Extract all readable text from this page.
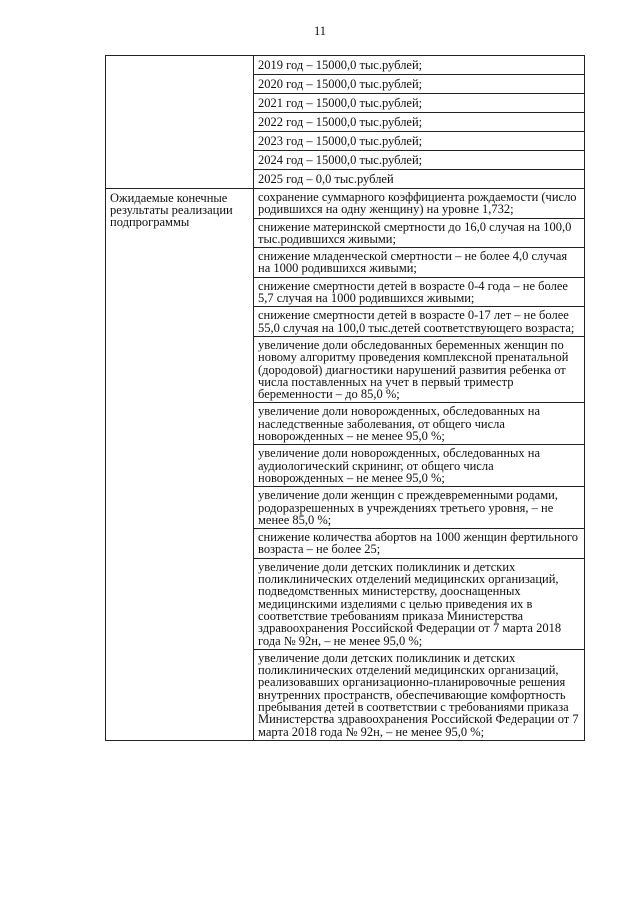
11
2019 год – 15000,0 тыс.рублей;
2020 год – 15000,0 тыс.рублей;
2021 год – 15000,0 тыс.рублей;
2022 год – 15000,0 тыс.рублей;
2023 год – 15000,0 тыс.рублей;
2024 год – 15000,0 тыс.рублей;
2025 год – 0,0 тыс.рублей
Ожидаемые конечные результаты реализации подпрограммы
сохранение суммарного коэффициента рождаемости (число родившихся на одну женщину) на уровне 1,732;
снижение материнской смертности до 16,0 случая на 100,0 тыс.родившихся живыми;
снижение младенческой смертности – не более 4,0 случая на 1000 родившихся живыми;
снижение смертности детей в возрасте 0-4 года – не более 5,7 случая на 1000 родившихся живыми;
снижение смертности детей в возрасте 0-17 лет – не более 55,0 случая на 100,0 тыс.детей соответствующего возраста;
увеличение доли обследованных беременных женщин по новому алгоритму проведения комплексной пренатальной (дородовой) диагностики нарушений развития ребенка от числа поставленных на учет в первый триместр беременности – до 85,0 %;
увеличение доли новорожденных, обследованных на наследственные заболевания, от общего числа новорожденных – не менее 95,0 %;
увеличение доли новорожденных, обследованных на аудиологический скрининг, от общего числа новорожденных – не менее 95,0 %;
увеличение доли женщин с преждевременными родами, родоразрешенных в учреждениях третьего уровня, – не менее 85,0 %;
снижение количества абортов на 1000 женщин фертильного возраста – не более 25;
увеличение доли детских поликлиник и детских поликлинических отделений медицинских организаций, подведомственных министерству, дооснащенных медицинскими изделиями с целью приведения их в соответствие требованиям приказа Министерства здравоохранения Российской Федерации от 7 марта 2018 года № 92н, – не менее 95,0 %;
увеличение доли детских поликлиник и детских поликлинических отделений медицинских организаций, реализовавших организационно-планировочные решения внутренних пространств, обеспечивающие комфортность пребывания детей в соответствии с требованиями приказа Министерства здравоохранения Российской Федерации от 7 марта 2018 года № 92н, – не менее 95,0 %;
